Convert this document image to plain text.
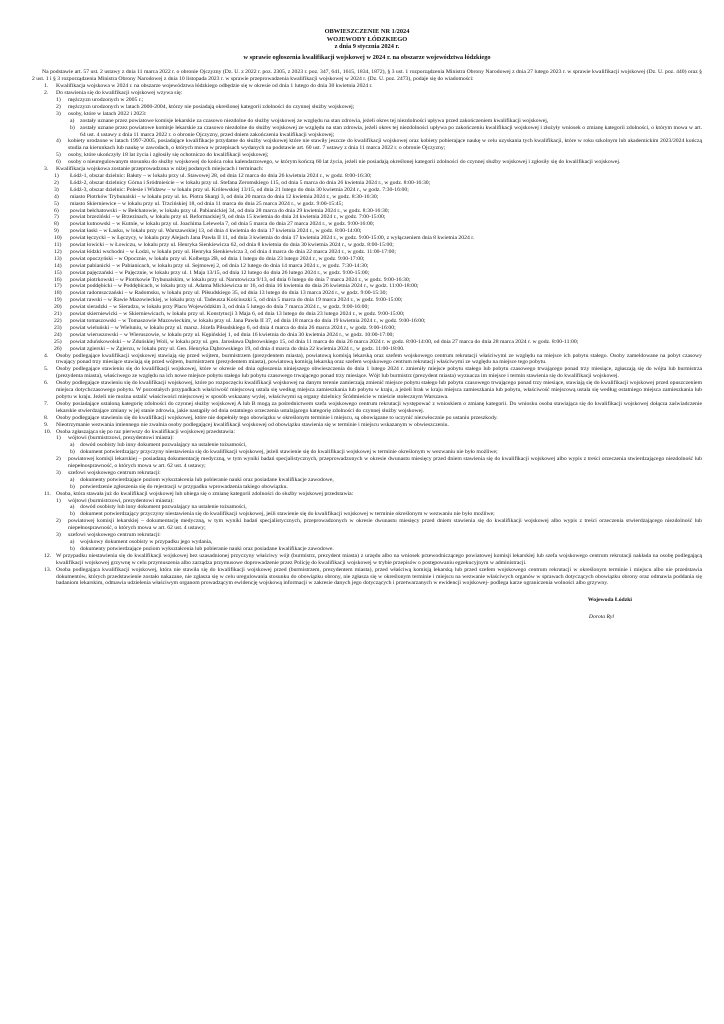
OBWIESZCZENIE NR 1/2024
WOJEWODY ŁÓDZKIEGO
z dnia 9 stycznia 2024 r.
w sprawie ogłoszenia kwalifikacji wojskowej w 2024 r. na obszarze województwa łódzkiego
Na podstawie art. 57 ust. 2 ustawy z dnia 11 marca 2022 r. o obronie Ojczyzny (Dz. U. z 2022 r. poz. 2305, z 2023 r. poz. 347, 641, 1615, 1834, 1872), § 3 ust. 1 rozporządzenia Ministra Obrony Narodowej z dnia 27 lutego 2023 r. w sprawie kwalifikacji wojskowej (Dz. U. poz. 440) oraz § 2 ust. 1 i § 3 rozporządzenia Ministra Obrony Narodowej z dnia 10 listopada 2023 r. w sprawie przeprowadzenia kwalifikacji wojskowej w 2024 r. (Dz. U. poz. 2473), podaje się do wiadomości:
1. Kwalifikacja wojskowa w 2024 r. na obszarze województwa łódzkiego odbędzie się w okresie od dnia 1 lutego do dnia 30 kwietnia 2024 r.
2. Do stawienia się do kwalifikacji wojskowej wzywa się:
1) mężczyzn urodzonych w 2005 r.;
2) mężczyzn urodzonych w latach 2000-2004, którzy nie posiadają określonej kategorii zdolności do czynnej służby wojskowej;
3) osoby, które w latach 2022 i 2023:
a) zostały uznane przez powiatowe komisje lekarskie za czasowo niezdolne do służby wojskowej ze względu na stan zdrowia, jeżeli okres tej niezdolności upływa przed zakończeniem kwalifikacji wojskowej,
b) zostały uznane przez powiatowe komisje lekarskie za czasowo niezdolne do służby wojskowej ze względu na stan zdrowia, jeżeli okres tej niezdolności upływa po zakończeniu kwalifikacji wojskowej i złożyły wniosek o zmianę kategorii zdolności, o którym mowa w art. 64 ust. 4 ustawy z dnia 11 marca 2022 r. o obronie Ojczyzny, przed dniem zakończenia kwalifikacji wojskowej;
4) kobiety urodzone w latach 1997-2005, posiadające kwalifikacje przydatne do służby wojskowej które nie stawiły jeszcze do kwalifikacji wojskowej oraz kobiety pobierające naukę w celu uzyskania tych kwalifikacji, które w roku szkolnym lub akademickim 2023/2024 kończą studia na kierunkach lub naukę w zawodach, o których mowa w przepisach wydanych na podstawie art. 60 ust. 7 ustawy z dnia 11 marca 2022 r. o obronie Ojczyzny;
5) osoby, które ukończyły 18 lat życia i zgłosiły się ochotniczo do kwalifikacji wojskowej;
6) osoby o nieuregulowanym stosunku do służby wojskowej do końca roku kalendarzowego, w którym kończą 60 lat życia, jeżeli nie posiadają określonej kategorii zdolności do czynnej służby wojskowej i zgłosiły się do kwalifikacji wojskowej.
3. Kwalifikacja wojskowa zostanie przeprowadzona w niżej podanych miejscach i terminach:
1) Łódź-1, obszar dzielnic: Bałuty – w lokalu przy ul. Stawowej 28, od dnia 12 marca do dnia 26 kwietnia 2024 r., w godz. 8:00-16:30;
2) Łódź-2, obszar dzielnicy Górna i Śródmieście – w lokalu przy ul. Stefana Żeromskiego 115, od dnia 5 marca do dnia 26 kwietnia 2024 r., w godz. 8:00-16:30;
3) Łódź-3, obszar dzielnic: Polesie i Widzew – w lokalu przy ul. Królewskiej 13/15, od dnia 21 lutego do dnia 30 kwietnia 2024 r., w godz. 7:30-16:00;
4) miasto Piotrków Trybunalski – w lokalu przy ul. ks. Piotra Skargi 3, od dnia 20 marca do dnia 12 kwietnia 2024 r., w godz. 8:30-16:30;
5) miasto Skierniewice – w lokalu przy ul. Trzcińskiej 18, od dnia 11 marca do dnia 25 marca 2024 r., w godz. 9:00-15:45;
6) powiat bełchatowski – w Bełchatowie, w lokalu przy ul. Pabianickiej 34, od dnia 28 marca do dnia 29 kwietnia 2024 r., w godz. 8:30-16:30;
7) powiat brzeziński – w Brzezinach, w lokalu przy ul. Reformackiej 9, od dnia 15 kwietnia do dnia 24 kwietnia 2024 r., w godz. 7:00-15:00;
8) powiat kutnowski – w Kutnie, w lokalu przy ul. Joachima Lelewela 7, od dnia 5 marca do dnia 27 marca 2024 r., w godz. 9:00-16:00;
9) powiat łaski – w Łasku, w lokalu przy ul. Warszawskiej 13, od dnia 4 kwietnia do dnia 17 kwietnia 2024 r., w godz. 8:00-14:00;
10) powiat łęczycki – w Łęczycy, w lokalu przy Alejach Jana Pawła II 11, od dnia 3 kwietnia do dnia 17 kwietnia 2024 r., w godz. 9:00-15:00, z wyłączeniem dnia 8 kwietnia 2024 r.
11) powiat łowicki – w Łowiczu, w lokalu przy ul. Henryka Sienkiewicza 62, od dnia 8 kwietnia do dnia 30 kwietnia 2024 r., w godz. 8:00-15:00;
12) powiat łódzki wschodni – w Łodzi, w lokalu przy ul. Henryka Sienkiewicza 3, od dnia 4 marca do dnia 22 marca 2024 r., w godz. 11:00-17:00;
13) powiat opoczyński – w Opocznie, w lokalu przy ul. Kolberga 2B, od dnia 1 lutego do dnia 23 lutego 2024 r., w godz. 9:00-17:00;
14) powiat pabianicki – w Pabianicach, w lokalu przy ul. Sejmowej 2, od dnia 12 lutego do dnia 14 marca 2024 r., w godz. 7:30-14:30;
15) powiat pajęczański – w Pajęcznie, w lokalu przy ul. 1 Maja 13/15, od dnia 12 lutego do dnia 26 lutego 2024 r., w godz. 9:00-15:00;
16) powiat piotrkowski – w Piotrkowie Trybunalskim, w lokalu przy ul. Narutowicza 9/13, od dnia 6 lutego do dnia 7 marca 2024 r., w godz. 9:00-16:30;
17) powiat poddębicki – w Poddębicach, w lokalu przy ul. Adama Mickiewicza nr 16, od dnia 16 kwietnia do dnia 26 kwietnia 2024 r., w godz. 11:00-18:00;
18) powiat radomszczański – w Radomsku, w lokalu przy ul. Piłsudskiego 35, od dnia 13 lutego do dnia 13 marca 2024 r., w godz. 9:00-15:30;
19) powiat rawski – w Rawie Mazowieckiej, w lokalu przy ul. Tadeusza Kościuszki 5, od dnia 5 marca do dnia 19 marca 2024 r., w godz. 9:00-15:00;
20) powiat sieradzki – w Sieradzu, w lokalu przy Placu Wojewódzkim 3, od dnia 5 lutego do dnia 7 marca 2024 r., w godz. 9:00-16:00;
21) powiat skierniewicki – w Skierniewicach, w lokalu przy ul. Konstytucji 3 Maja 6, od dnia 13 lutego do dnia 23 lutego 2024 r., w godz. 9:00-15:00;
22) powiat tomaszowski – w Tomaszowie Mazowieckim, w lokalu przy ul. Jana Pawła II 37, od dnia 18 marca do dnia 19 kwietnia 2024 r., w godz. 9:00-16:00;
23) powiat wieluński – w Wieluniu, w lokalu przy ul. marsz. Józefa Piłsudskiego 6, od dnia 4 marca do dnia 26 marca 2024 r., w godz. 9:00-16:00;
24) powiat wieruszowski – w Wieruszowie, w lokalu przy ul. Kępińskiej 1, od dnia 16 kwietnia do dnia 30 kwietnia 2024 r., w godz. 10:00-17:00;
25) powiat zduńskowolski – w Zduńskiej Woli, w lokalu przy ul. gen. Jarosława Dąbrowskiego 15, od dnia 11 marca do dnia 26 marca 2024 r. w godz. 8:00-14:00, od dnia 27 marca do dnia 28 marca 2024 r. w godz. 8:00-11:00;
26) powiat zgierski – w Zgierzu, w lokalu przy ul. Gen. Henryka Dąbrowskiego 19, od dnia 4 marca do dnia 22 kwietnia 2024 r., w godz. 11:00-18:00.
4. Osoby podlegające kwalifikacji wojskowej stawiają się przed wójtem, burmistrzem (prezydentem miasta), powiatową komisją lekarską oraz szefem wojskowego centrum rekrutacji właściwymi ze względu na miejsce ich pobytu stałego. Osoby zameldowane na pobyt czasowy trwający ponad trzy miesiące stawiają się przed wójtem, burmistrzem (prezydentem miasta), powiatową komisją lekarską oraz szefem wojskowego centrum rekrutacji właściwymi ze względu na miejsce tego pobytu.
5. Osoby podlegające stawieniu się do kwalifikacji wojskowej, które w okresie od dnia ogłoszenia niniejszego obwieszczenia do dnia 1 lutego 2024 r. zmieniły miejsce pobytu stałego lub pobytu czasowego trwającego ponad trzy miesiące, zgłaszają się do wójta lub burmistrza (prezydenta miasta), właściwego ze względu na ich nowe miejsce pobytu stałego lub pobytu czasowego trwającego ponad trzy miesiące. Wójt lub burmistrz (prezydent miasta) wyznacza im miejsce i termin stawienia się do kwalifikacji wojskowej.
6. Osoby podlegające stawieniu się do kwalifikacji wojskowej, które po rozpoczęciu kwalifikacji wojskowej na danym terenie zamierzają zmienić miejsce pobytu stałego lub pobytu czasowego trwającego ponad trzy miesiące, stawiają się do kwalifikacji wojskowej przed opuszczeniem miejsca dotychczasowego pobytu. W pozostałych przypadkach właściwość miejscową ustala się według miejsca zamieszkania lub pobytu w kraju, a jeżeli brak w kraju miejsca zamieszkania lub pobytu, właściwość miejscową ustala się według ostatniego miejsca zamieszkania lub pobytu w kraju. Jeżeli nie można ustalić właściwości miejscowej w sposób wskazany wyżej, właściwymi są organy dzielnicy Śródmieście w mieście stołecznym Warszawa.
7. Osoby posiadające ustaloną kategorię zdolności do czynnej służby wojskowej A lub B mogą za pośrednictwem szefa wojskowego centrum rekrutacji występować z wnioskiem o zmianę kategorii. Do wniosku osoba stawiająca się do kwalifikacji wojskowej dołącza zaświadczenie lekarskie stwierdzające zmiany w jej stanie zdrowia, jakie nastąpiły od dnia ostatniego orzeczenia ustalającego kategorię zdolności do czynnej służby wojskowej.
8. Osoby podlegające stawieniu się do kwalifikacji wojskowej, które nie dopełniły tego obowiązku w określonym terminie i miejscu, są obowiązane to uczynić niezwłocznie po ustaniu przeszkody.
9. Nieotrzymanie wezwania imiennego nie zwalnia osoby podlegającej kwalifikacji wojskowej od obowiązku stawienia się w terminie i miejscu wskazanym w obwieszczeniu.
10. Osoba zgłaszająca się po raz pierwszy do kwalifikacji wojskowej przedstawia:
1) wójtowi (burmistrzowi, prezydentowi miasta):
a) dowód osobisty lub inny dokument pozwalający na ustalenie tożsamości,
b) dokument potwierdzający przyczyny niestawienia się do kwalifikacji wojskowej, jeżeli stawienie się do kwalifikacji wojskowej w terminie określonym w wezwaniu nie było możliwe;
2) powiatowej komisji lekarskiej – posiadaną dokumentację medyczną, w tym wyniki badań specjalistycznych, przeprowadzonych w okresie dwunastu miesięcy przed dniem stawienia się do kwalifikacji wojskowej albo wypis z treści orzeczenia stwierdzającego niezdolność lub niepełnosprawność, o których mowa w art. 62 ust. 4 ustawy;
3) szefowi wojskowego centrum rekrutacji:
a) dokumenty potwierdzające poziom wykształcenia lub pobieranie nauki oraz posiadane kwalifikacje zawodowe,
b) potwierdzenie zgłoszenia się do rejestracji w przypadku wprowadzenia takiego obowiązku.
11. Osoba, która stawała już do kwalifikacji wojskowej lub ubiega się o zmianę kategorii zdolności do służby wojskowej przedstawia:
1) wójtowi (burmistrzowi, prezydentowi miasta):
a) dowód osobisty lub inny dokument pozwalający na ustalenie tożsamości,
b) dokument potwierdzający przyczyny niestawienia się do kwalifikacji wojskowej, jeśli stawienie się do kwalifikacji wojskowej w terminie określonym w wezwaniu nie było możliwe;
2) powiatowej komisji lekarskiej – dokumentację medyczną, w tym wyniki badań specjalistycznych, przeprowadzonych w okresie dwunastu miesięcy przed dniem stawienia się do kwalifikacji wojskowej albo wypis z treści orzeczenia stwierdzającego niezdolność lub niepełnosprawność, o których mowa w art. 62 ust. 4 ustawy;
3) szefowi wojskowego centrum rekrutacji:
a) wojskowy dokument osobisty w przypadku jego wydania,
b) dokumenty potwierdzające poziom wykształcenia lub pobieranie nauki oraz posiadane kwalifikacje zawodowe.
12. W przypadku niestawienia się do kwalifikacji wojskowej bez uzasadnionej przyczyny właściwy wójt (burmistrz, prezydent miasta) z urzędu albo na wniosek przewodniczącego powiatowej komisji lekarskiej lub szefa wojskowego centrum rekrutacji nakłada na osobę podlegającą kwalifikacji wojskowej grzywnę w celu przymuszenia albo zarządza przymusowe doprowadzenie przez Policję do kwalifikacji wojskowej w trybie przepisów o postępowaniu egzekucyjnym w administracji.
13. Osoba podlegająca kwalifikacji wojskowej, która nie stawiła się do kwalifikacji wojskowej przed (burmistrzem, prezydentem miasta), przed właściwą komisją lekarską lub przed szefem wojskowego centrum rekrutacji w określonym terminie i miejscu albo nie przedstawia dokumentów, których przedstawienie zostało nakazane, nie zgłasza się w celu uregulowania stosunku do obowiązku obrony, nie zgłasza się w określonym terminie i miejscu na wezwanie właściwych organów w sprawach dotyczących obowiązku obrony oraz odmawia poddania się badaniom lekarskim, odmawia udzielenia właściwym organom prowadzącym ewidencję wojskową informacji w zakresie danych jego dotyczących i przetwarzanych w ewidencji wojskowej- podlega karze ograniczenia wolności albo grzywny.
Wojewoda Łódzki
Dorota Ryl
